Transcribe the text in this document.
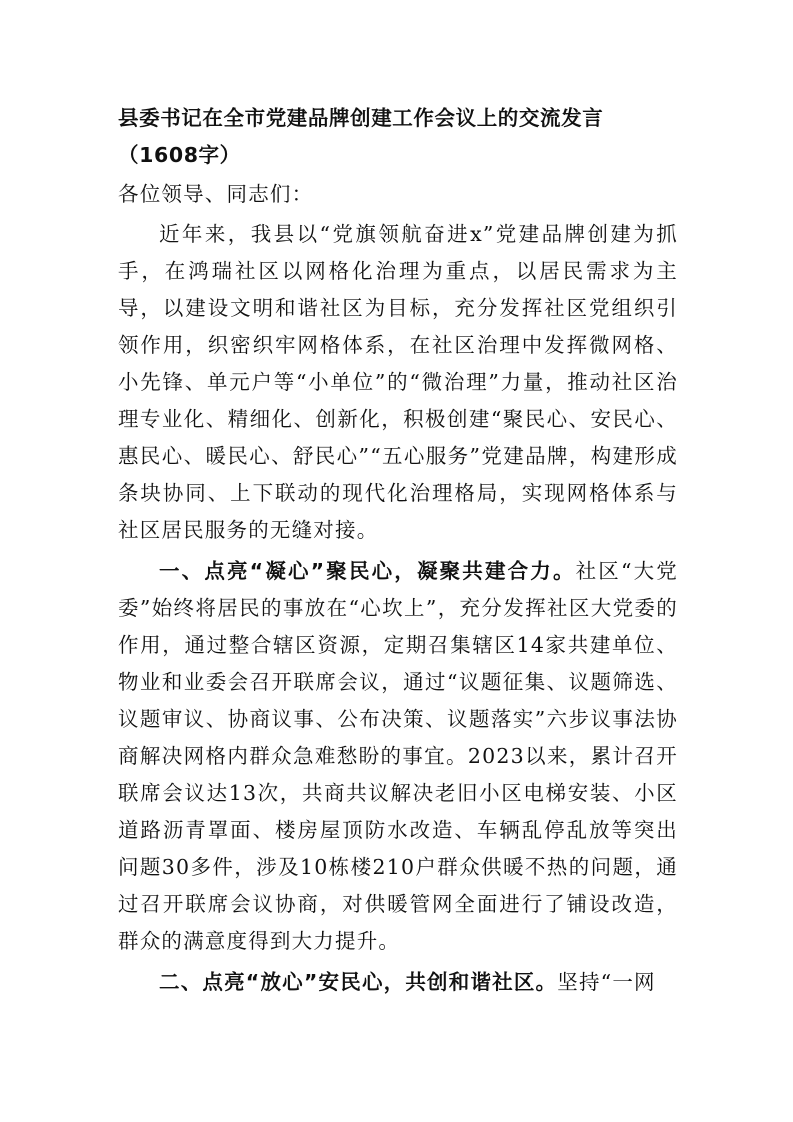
县委书记在全市党建品牌创建工作会议上的交流发言（1608字）

各位领导、同志们：

近年来，我县以“党旗领航奋进x”党建品牌创建为抓手，在鸿瑞社区以网格化治理为重点，以居民需求为主导，以建设文明和谐社区为目标，充分发挥社区党组织引领作用，织密织牢网格体系，在社区治理中发挥微网格、小先锋、单元户等“小单位”的“微治理”力量，推动社区治理专业化、精细化、创新化，积极创建“聚民心、安民心、惠民心、暖民心、舒民心”“五心服务”党建品牌，构建形成条块协同、上下联动的现代化治理格局，实现网格体系与社区居民服务的无缝对接。

一、点亮“凝心”聚民心，凝聚共建合力。社区“大党委”始终将居民的事放在“心坎上”，充分发挥社区大党委的作用，通过整合辖区资源，定期召集辖区14家共建单位、物业和业委会召开联席会议，通过“议题征集、议题筛选、议题审议、协商议事、公布决策、议题落实”六步议事法协商解决网格内群众急难愁盼的事宜。2023以来，累计召开联席会议达13次，共商共议解决老旧小区电梯安装、小区道路沥青罩面、楼房屋顶防水改造、车辆乱停乱放等突出问题30多件，涉及10栋楼210户群众供暖不热的问题，通过召开联席会议协商，对供暖管网全面进行了铺设改造，群众的满意度得到大力提升。

二、点亮“放心”安民心，共创和谐社区。坚持“一网
